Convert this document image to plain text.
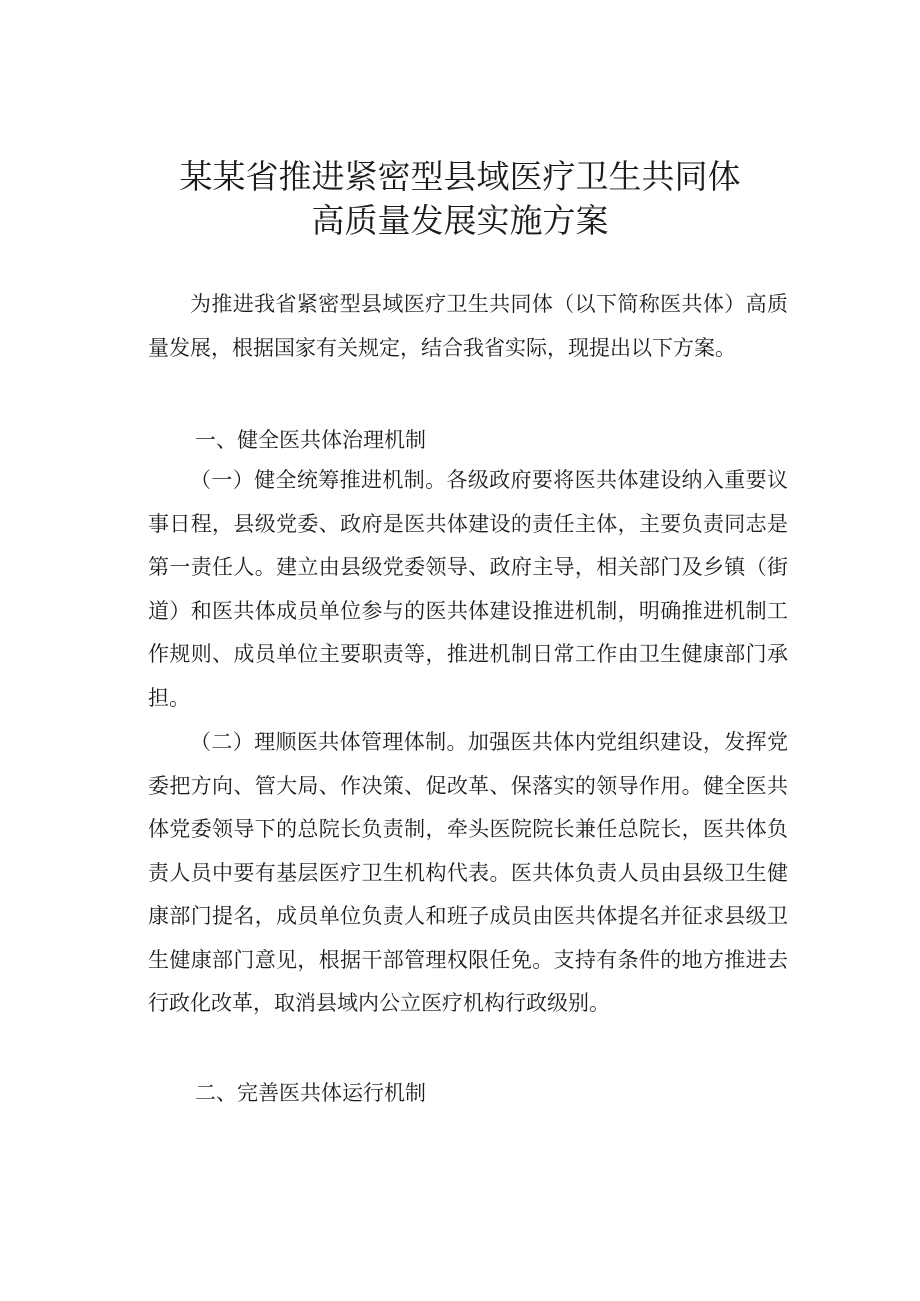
某某省推进紧密型县域医疗卫生共同体
高质量发展实施方案

为推进我省紧密型县域医疗卫生共同体（以下简称医共体）高质量发展，根据国家有关规定，结合我省实际，现提出以下方案。

一、健全医共体治理机制

（一）健全统筹推进机制。各级政府要将医共体建设纳入重要议事日程，县级党委、政府是医共体建设的责任主体，主要负责同志是第一责任人。建立由县级党委领导、政府主导，相关部门及乡镇（街道）和医共体成员单位参与的医共体建设推进机制，明确推进机制工作规则、成员单位主要职责等，推进机制日常工作由卫生健康部门承担。

（二）理顺医共体管理体制。加强医共体内党组织建设，发挥党委把方向、管大局、作决策、促改革、保落实的领导作用。健全医共体党委领导下的总院长负责制，牵头医院院长兼任总院长，医共体负责人员中要有基层医疗卫生机构代表。医共体负责人员由县级卫生健康部门提名，成员单位负责人和班子成员由医共体提名并征求县级卫生健康部门意见，根据干部管理权限任免。支持有条件的地方推进去行政化改革，取消县域内公立医疗机构行政级别。

二、完善医共体运行机制
